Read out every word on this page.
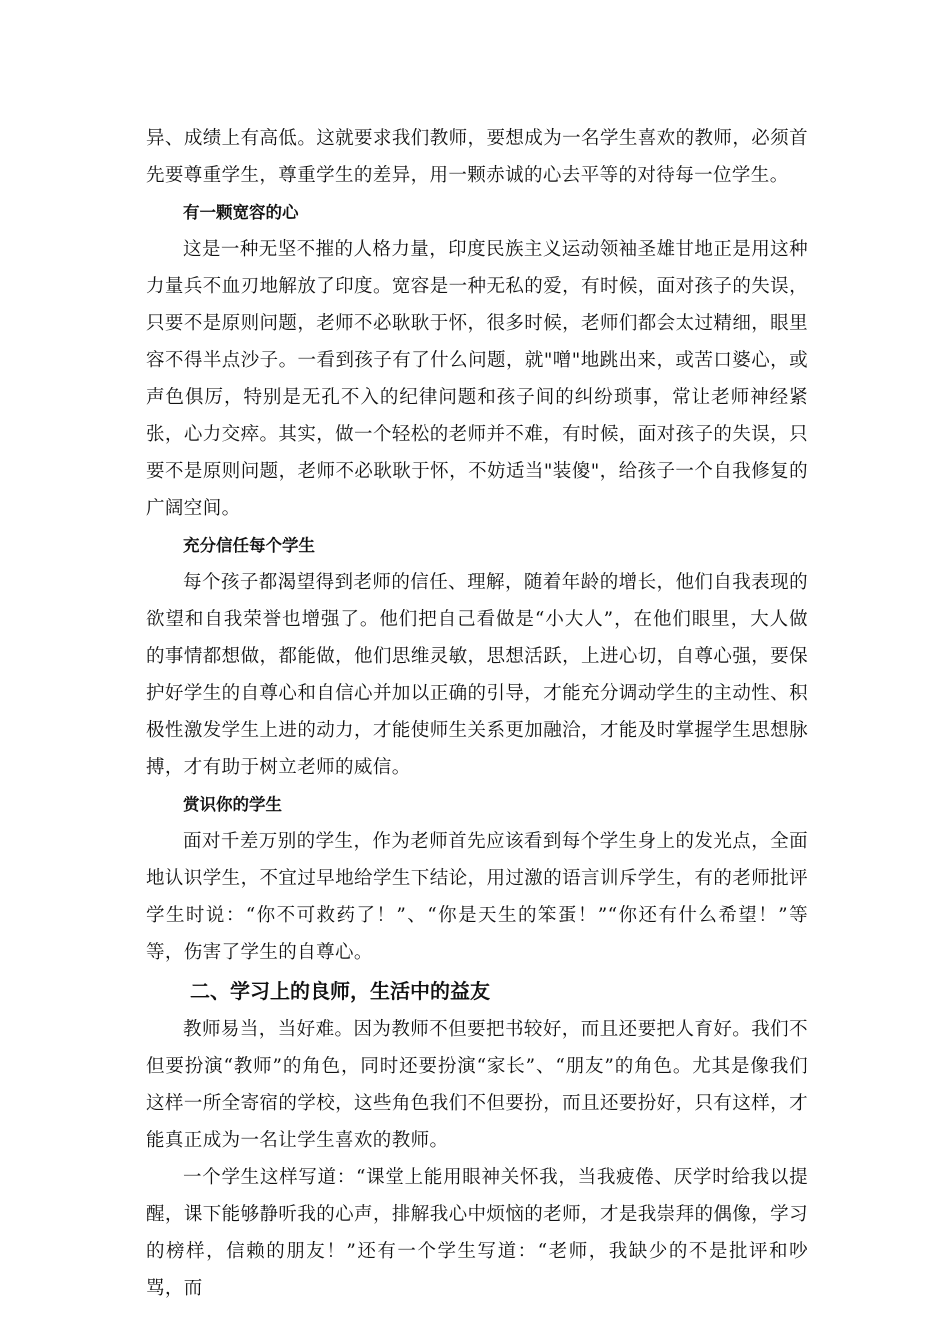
异、成绩上有高低。这就要求我们教师，要想成为一名学生喜欢的教师，必须首先要尊重学生，尊重学生的差异，用一颗赤诚的心去平等的对待每一位学生。

有一颗宽容的心

这是一种无坚不摧的人格力量，印度民族主义运动领袖圣雄甘地正是用这种力量兵不血刃地解放了印度。宽容是一种无私的爱，有时候，面对孩子的失误，只要不是原则问题，老师不必耿耿于怀，很多时候，老师们都会太过精细，眼里容不得半点沙子。一看到孩子有了什么问题，就"噌"地跳出来，或苦口婆心，或声色俱厉，特别是无孔不入的纪律问题和孩子间的纠纷琐事，常让老师神经紧张，心力交瘁。其实，做一个轻松的老师并不难，有时候，面对孩子的失误，只要不是原则问题，老师不必耿耿于怀，不妨适当"装傻"，给孩子一个自我修复的广阔空间。

充分信任每个学生

每个孩子都渴望得到老师的信任、理解，随着年龄的增长，他们自我表现的欲望和自我荣誉也增强了。他们把自己看做是“小大人”，在他们眼里，大人做的事情都想做，都能做，他们思维灵敏，思想活跃，上进心切，自尊心强，要保护好学生的自尊心和自信心并加以正确的引导，才能充分调动学生的主动性、积极性激发学生上进的动力，才能使师生关系更加融洽，才能及时掌握学生思想脉搏，才有助于树立老师的威信。

赏识你的学生

面对千差万别的学生，作为老师首先应该看到每个学生身上的发光点，全面地认识学生，不宜过早地给学生下结论，用过激的语言训斥学生，有的老师批评学生时说：“你不可救药了！”、“你是天生的笨蛋！”“你还有什么希望！”等等，伤害了学生的自尊心。

二、学习上的良师，生活中的益友

教师易当，当好难。因为教师不但要把书较好，而且还要把人育好。我们不但要扮演“教师”的角色，同时还要扮演“家长”、“朋友”的角色。尤其是像我们这样一所全寄宿的学校，这些角色我们不但要扮，而且还要扮好，只有这样，才能真正成为一名让学生喜欢的教师。

一个学生这样写道：“课堂上能用眼神关怀我，当我疲倦、厌学时给我以提醒，课下能够静听我的心声，排解我心中烦恼的老师，才是我崇拜的偶像，学习的榜样，信赖的朋友！”还有一个学生写道：“老师，我缺少的不是批评和吵骂，而
